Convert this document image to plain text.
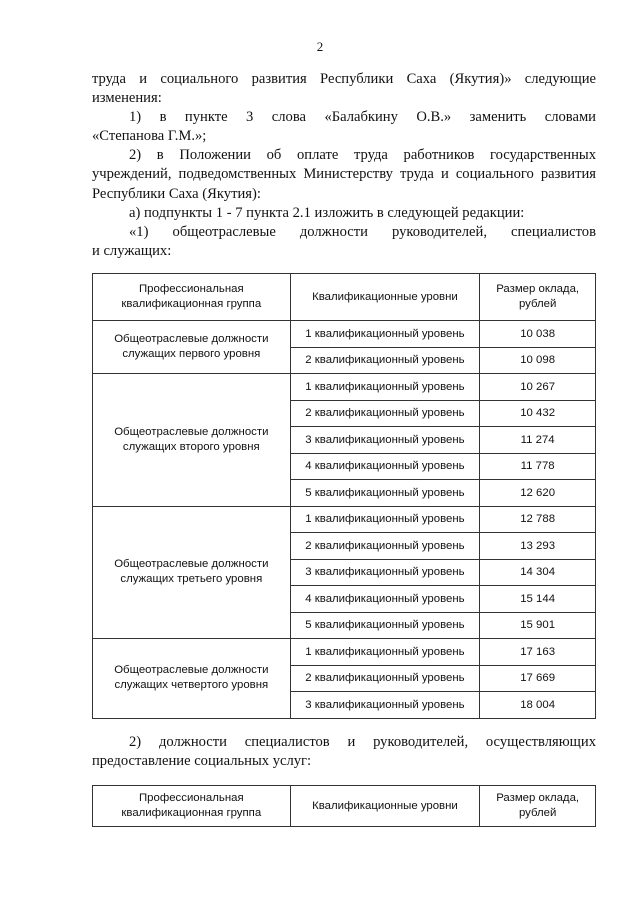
2

труда и социального развития Республики Саха (Якутия)» следующие

изменения:

1) в пункте 3 слова «Балабкину О.В.» заменить словами

«Степанова Г.М.»;

2) в Положении об оплате труда работников государственных

учреждений, подведомственных Министерству труда и социального развития

Республики Саха (Якутия):

а) подпункты 1 - 7 пункта 2.1 изложить в следующей редакции:

«1) общеотраслевые должности руководителей, специалистов

и служащих:

Профессиональная квалификационная группа	Квалификационные уровни	Размер оклада, рублей
Общеотраслевые должности служащих первого уровня	1 квалификационный уровень	10 038
	2 квалификационный уровень	10 098
Общеотраслевые должности служащих второго уровня	1 квалификационный уровень	10 267
	2 квалификационный уровень	10 432
	3 квалификационный уровень	11 274
	4 квалификационный уровень	11 778
	5 квалификационный уровень	12 620
Общеотраслевые должности служащих третьего уровня	1 квалификационный уровень	12 788
	2 квалификационный уровень	13 293
	3 квалификационный уровень	14 304
	4 квалификационный уровень	15 144
	5 квалификационный уровень	15 901
Общеотраслевые должности служащих четвертого уровня	1 квалификационный уровень	17 163
	2 квалификационный уровень	17 669
	3 квалификационный уровень	18 004

2) должности специалистов и руководителей, осуществляющих

предоставление социальных услуг:

Профессиональная квалификационная группа	Квалификационные уровни	Размер оклада, рублей
